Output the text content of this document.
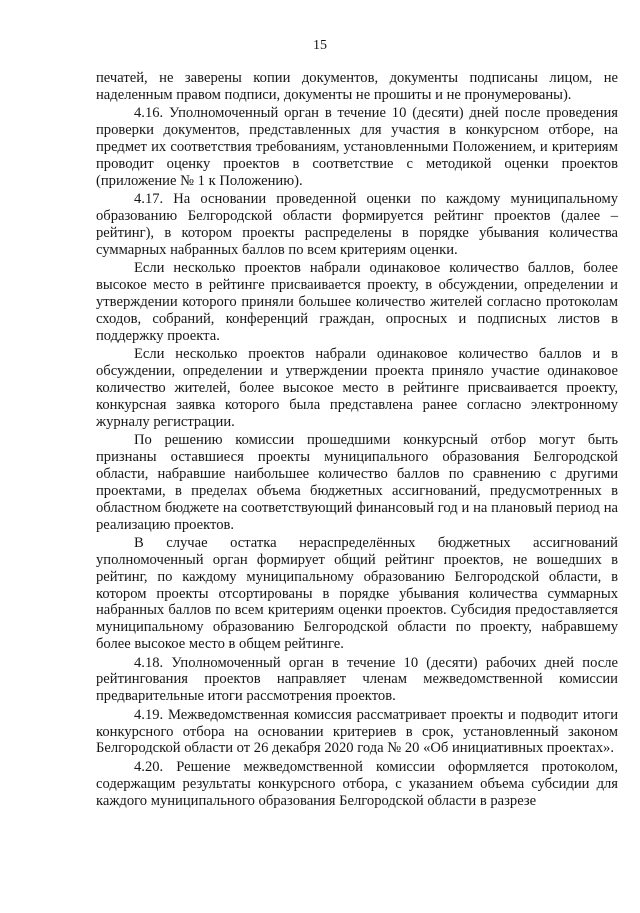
15

печатей, не заверены копии документов, документы подписаны лицом, не наделенным правом подписи, документы не прошиты и не пронумерованы).

4.16. Уполномоченный орган в течение 10 (десяти) дней после проведения проверки документов, представленных для участия в конкурсном отборе, на предмет их соответствия требованиям, установленными Положением, и критериям проводит оценку проектов в соответствие с методикой оценки проектов (приложение № 1 к Положению).

4.17. На основании проведенной оценки по каждому муниципальному образованию Белгородской области формируется рейтинг проектов (далее – рейтинг), в котором проекты распределены в порядке убывания количества суммарных набранных баллов по всем критериям оценки.

Если несколько проектов набрали одинаковое количество баллов, более высокое место в рейтинге присваивается проекту, в обсуждении, определении и утверждении которого приняли большее количество жителей согласно протоколам сходов, собраний, конференций граждан, опросных и подписных листов в поддержку проекта.

Если несколько проектов набрали одинаковое количество баллов и в обсуждении, определении и утверждении проекта приняло участие одинаковое количество жителей, более высокое место в рейтинге присваивается проекту, конкурсная заявка которого была представлена ранее согласно электронному журналу регистрации.

По решению комиссии прошедшими конкурсный отбор могут быть признаны оставшиеся проекты муниципального образования Белгородской области, набравшие наибольшее количество баллов по сравнению с другими проектами, в пределах объема бюджетных ассигнований, предусмотренных в областном бюджете на соответствующий финансовый год и на плановый период на реализацию проектов.

В случае остатка нераспределённых бюджетных ассигнований уполномоченный орган формирует общий рейтинг проектов, не вошедших в рейтинг, по каждому муниципальному образованию Белгородской области, в котором проекты отсортированы в порядке убывания количества суммарных набранных баллов по всем критериям оценки проектов. Субсидия предоставляется муниципальному образованию Белгородской области по проекту, набравшему более высокое место в общем рейтинге.

4.18. Уполномоченный орган в течение 10 (десяти) рабочих дней после рейтингования проектов направляет членам межведомственной комиссии предварительные итоги рассмотрения проектов.

4.19. Межведомственная комиссия рассматривает проекты и подводит итоги конкурсного отбора на основании критериев в срок, установленный законом Белгородской области от 26 декабря 2020 года № 20 «Об инициативных проектах».

4.20. Решение межведомственной комиссии оформляется протоколом, содержащим результаты конкурсного отбора, с указанием объема субсидии для каждого муниципального образования Белгородской области в разрезе
